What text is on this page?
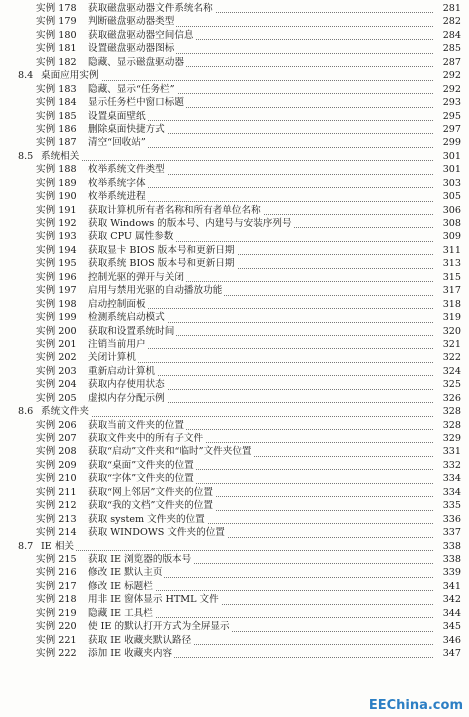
实例 178 获取磁盘驱动器文件系统名称	281
实例 179 判断磁盘驱动器类型	282
实例 180 获取磁盘驱动器空间信息	284
实例 181 设置磁盘驱动器图标	285
实例 182 隐藏、显示磁盘驱动器	287
8.4 桌面应用实例	292
实例 183 隐藏、显示“任务栏”	292
实例 184 显示任务栏中窗口标题	293
实例 185 设置桌面壁纸	295
实例 186 删除桌面快捷方式	297
实例 187 清空“回收站”	299
8.5 系统相关	301
实例 188 枚举系统文件类型	301
实例 189 枚举系统字体	303
实例 190 枚举系统进程	305
实例 191 获取计算机所有者名称和所有者单位名称	306
实例 192 获取 Windows 的版本号、内建号与安装序列号	308
实例 193 获取 CPU 属性参数	309
实例 194 获取显卡 BIOS 版本号和更新日期	311
实例 195 获取系统 BIOS 版本号和更新日期	313
实例 196 控制光驱的弹开与关闭	315
实例 197 启用与禁用光驱的自动播放功能	317
实例 198 启动控制面板	318
实例 199 检测系统启动模式	319
实例 200 获取和设置系统时间	320
实例 201 注销当前用户	321
实例 202 关闭计算机	322
实例 203 重新启动计算机	324
实例 204 获取内存使用状态	325
实例 205 虚拟内存分配示例	326
8.6 系统文件夹	328
实例 206 获取当前文件夹的位置	328
实例 207 获取文件夹中的所有子文件	329
实例 208 获取“启动”文件夹和“临时”文件夹位置	331
实例 209 获取“桌面”文件夹的位置	332
实例 210 获取“字体”文件夹的位置	334
实例 211 获取“网上邻居”文件夹的位置	334
实例 212 获取“我的文档”文件夹的位置	335
实例 213 获取 system 文件夹的位置	336
实例 214 获取 WINDOWS 文件夹的位置	337
8.7 IE 相关	338
实例 215 获取 IE 浏览器的版本号	338
实例 216 修改 IE 默认主页	339
实例 217 修改 IE 标题栏	341
实例 218 用非 IE 窗体显示 HTML 文件	342
实例 219 隐藏 IE 工具栏	344
实例 220 使 IE 的默认打开方式为全屏显示	345
实例 221 获取 IE 收藏夹默认路径	346
实例 222 添加 IE 收藏夹内容	347
EEChina.com
